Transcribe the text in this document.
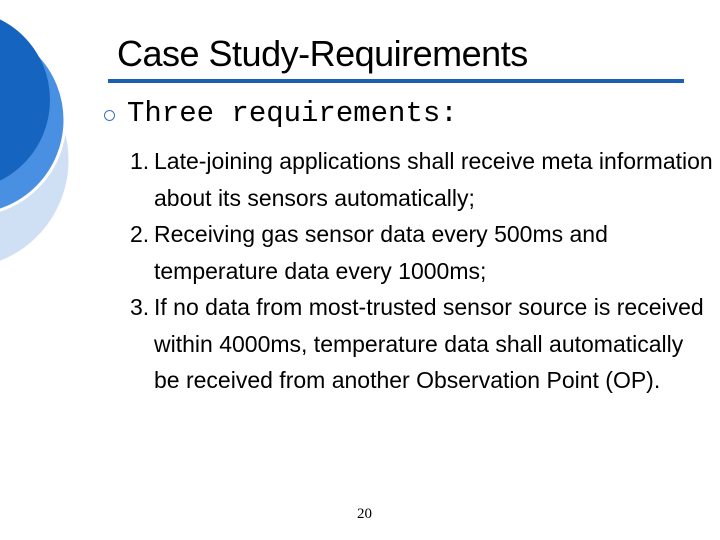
Case Study-Requirements
Three requirements:
1. Late-joining applications shall receive meta information about its sensors automatically;
2. Receiving gas sensor data every 500ms and temperature data every 1000ms;
3. If no data from most-trusted sensor source is received within 4000ms, temperature data shall automatically be received from another Observation Point (OP).
20
